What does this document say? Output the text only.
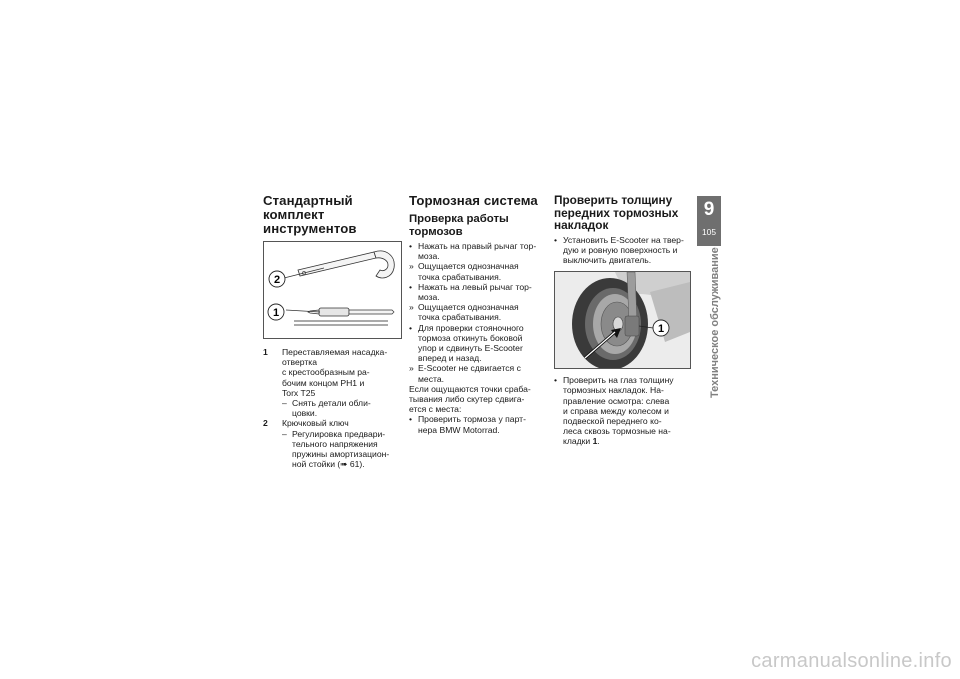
Стандартный комплект
инструментов
2
1
1 Переставляемая насадка-
отвертка
с крестообразным ра-
бочим концом PH1 и
Torx T25
– Снять детали обли-
цовки.
2 Крючковый ключ
– Регулировка предвари-
тельного напряжения
пружины амортизацион-
ной стойки (➠ 61).
Тормозная система
Проверка работы
тормозов
• Нажать на правый рычаг тор-
моза.
» Ощущается однозначная
точка срабатывания.
• Нажать на левый рычаг тор-
моза.
» Ощущается однозначная
точка срабатывания.
• Для проверки стояночного
тормоза откинуть боковой
упор и сдвинуть E-Scooter
вперед и назад.
» E-Scooter не сдвигается с
места.
Если ощущаются точки сраба-
тывания либо скутер сдвига-
ется с места:
• Проверить тормоза у парт-
нера BMW Motorrad.
Проверить толщину
передних тормозных
накладок
• Установить E-Scooter на твер-
дую и ровную поверхность и
выключить двигатель.
1
• Проверить на глаз толщину
тормозных накладок. На-
правление осмотра: слева
и справа между колесом и
подвеской переднего ко-
леса сквозь тормозные на-
кладки 1.
9
105
Техническое обслуживание
carmanualsonline.info
